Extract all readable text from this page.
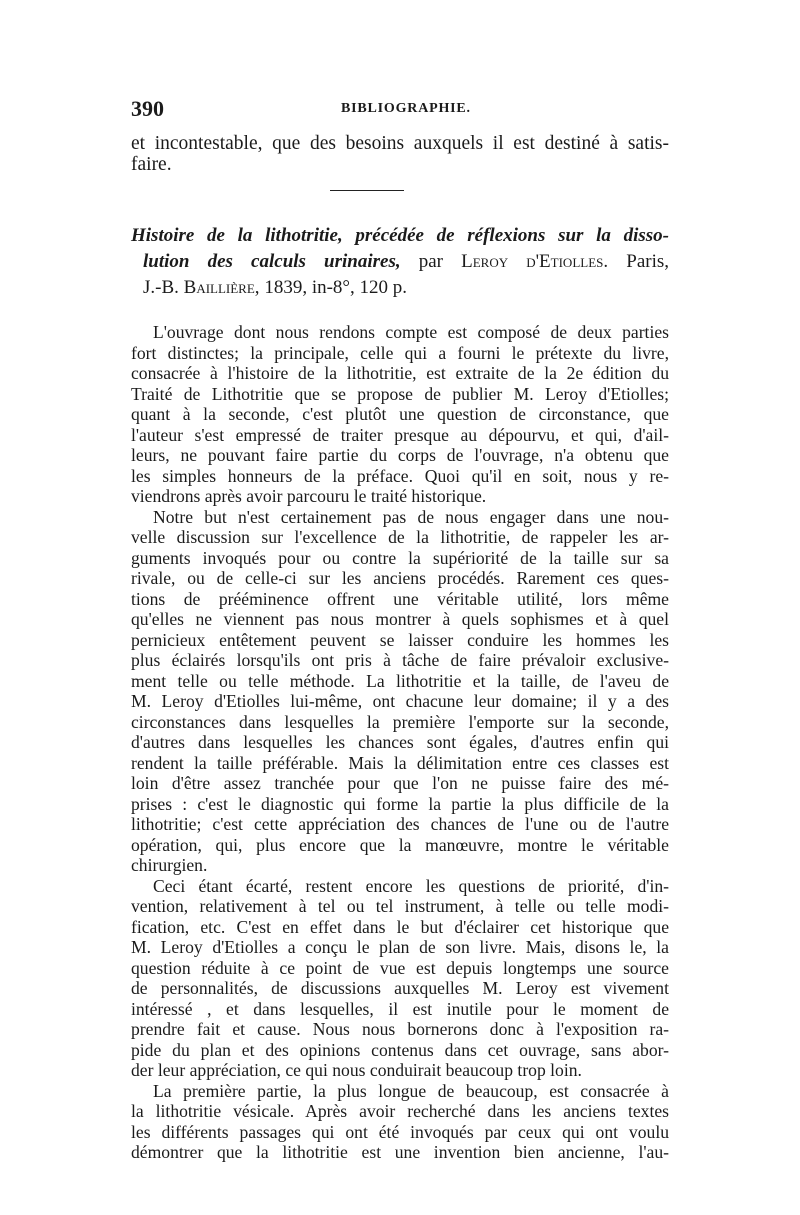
390	BIBLIOGRAPHIE.
et incontestable, que des besoins auxquels il est destiné à satis-
faire.
Histoire de la lithotritie, précédée de réflexions sur la disso-
lution des calculs urinaires, par Leroy d'Etiolles. Paris,
J.-B. Baillière, 1839, in-8°, 120 p.
L'ouvrage dont nous rendons compte est composé de deux parties
fort distinctes; la principale, celle qui a fourni le prétexte du livre,
consacrée à l'histoire de la lithotritie, est extraite de la 2e édition du
Traité de Lithotritie que se propose de publier M. Leroy d'Etiolles;
quant à la seconde, c'est plutôt une question de circonstance, que
l'auteur s'est empressé de traiter presque au dépourvu, et qui, d'ail-
leurs, ne pouvant faire partie du corps de l'ouvrage, n'a obtenu que
les simples honneurs de la préface. Quoi qu'il en soit, nous y re-
viendrons après avoir parcouru le traité historique.
Notre but n'est certainement pas de nous engager dans une nou-
velle discussion sur l'excellence de la lithotritie, de rappeler les ar-
guments invoqués pour ou contre la supériorité de la taille sur sa
rivale, ou de celle-ci sur les anciens procédés. Rarement ces ques-
tions de prééminence offrent une véritable utilité, lors même
qu'elles ne viennent pas nous montrer à quels sophismes et à quel
pernicieux entêtement peuvent se laisser conduire les hommes les
plus éclairés lorsqu'ils ont pris à tâche de faire prévaloir exclusive-
ment telle ou telle méthode. La lithotritie et la taille, de l'aveu de
M. Leroy d'Etiolles lui-même, ont chacune leur domaine; il y a des
circonstances dans lesquelles la première l'emporte sur la seconde,
d'autres dans lesquelles les chances sont égales, d'autres enfin qui
rendent la taille préférable. Mais la délimitation entre ces classes est
loin d'être assez tranchée pour que l'on ne puisse faire des mé-
prises : c'est le diagnostic qui forme la partie la plus difficile de la
lithotritie; c'est cette appréciation des chances de l'une ou de l'autre
opération, qui, plus encore que la manœuvre, montre le véritable
chirurgien.
Ceci étant écarté, restent encore les questions de priorité, d'in-
vention, relativement à tel ou tel instrument, à telle ou telle modi-
fication, etc. C'est en effet dans le but d'éclairer cet historique que
M. Leroy d'Etiolles a conçu le plan de son livre. Mais, disons le, la
question réduite à ce point de vue est depuis longtemps une source
de personnalités, de discussions auxquelles M. Leroy est vivement
intéressé , et dans lesquelles, il est inutile pour le moment de
prendre fait et cause. Nous nous bornerons donc à l'exposition ra-
pide du plan et des opinions contenus dans cet ouvrage, sans abor-
der leur appréciation, ce qui nous conduirait beaucoup trop loin.
La première partie, la plus longue de beaucoup, est consacrée à
la lithotritie vésicale. Après avoir recherché dans les anciens textes
les différents passages qui ont été invoqués par ceux qui ont voulu
démontrer que la lithotritie est une invention bien ancienne, l'au-
